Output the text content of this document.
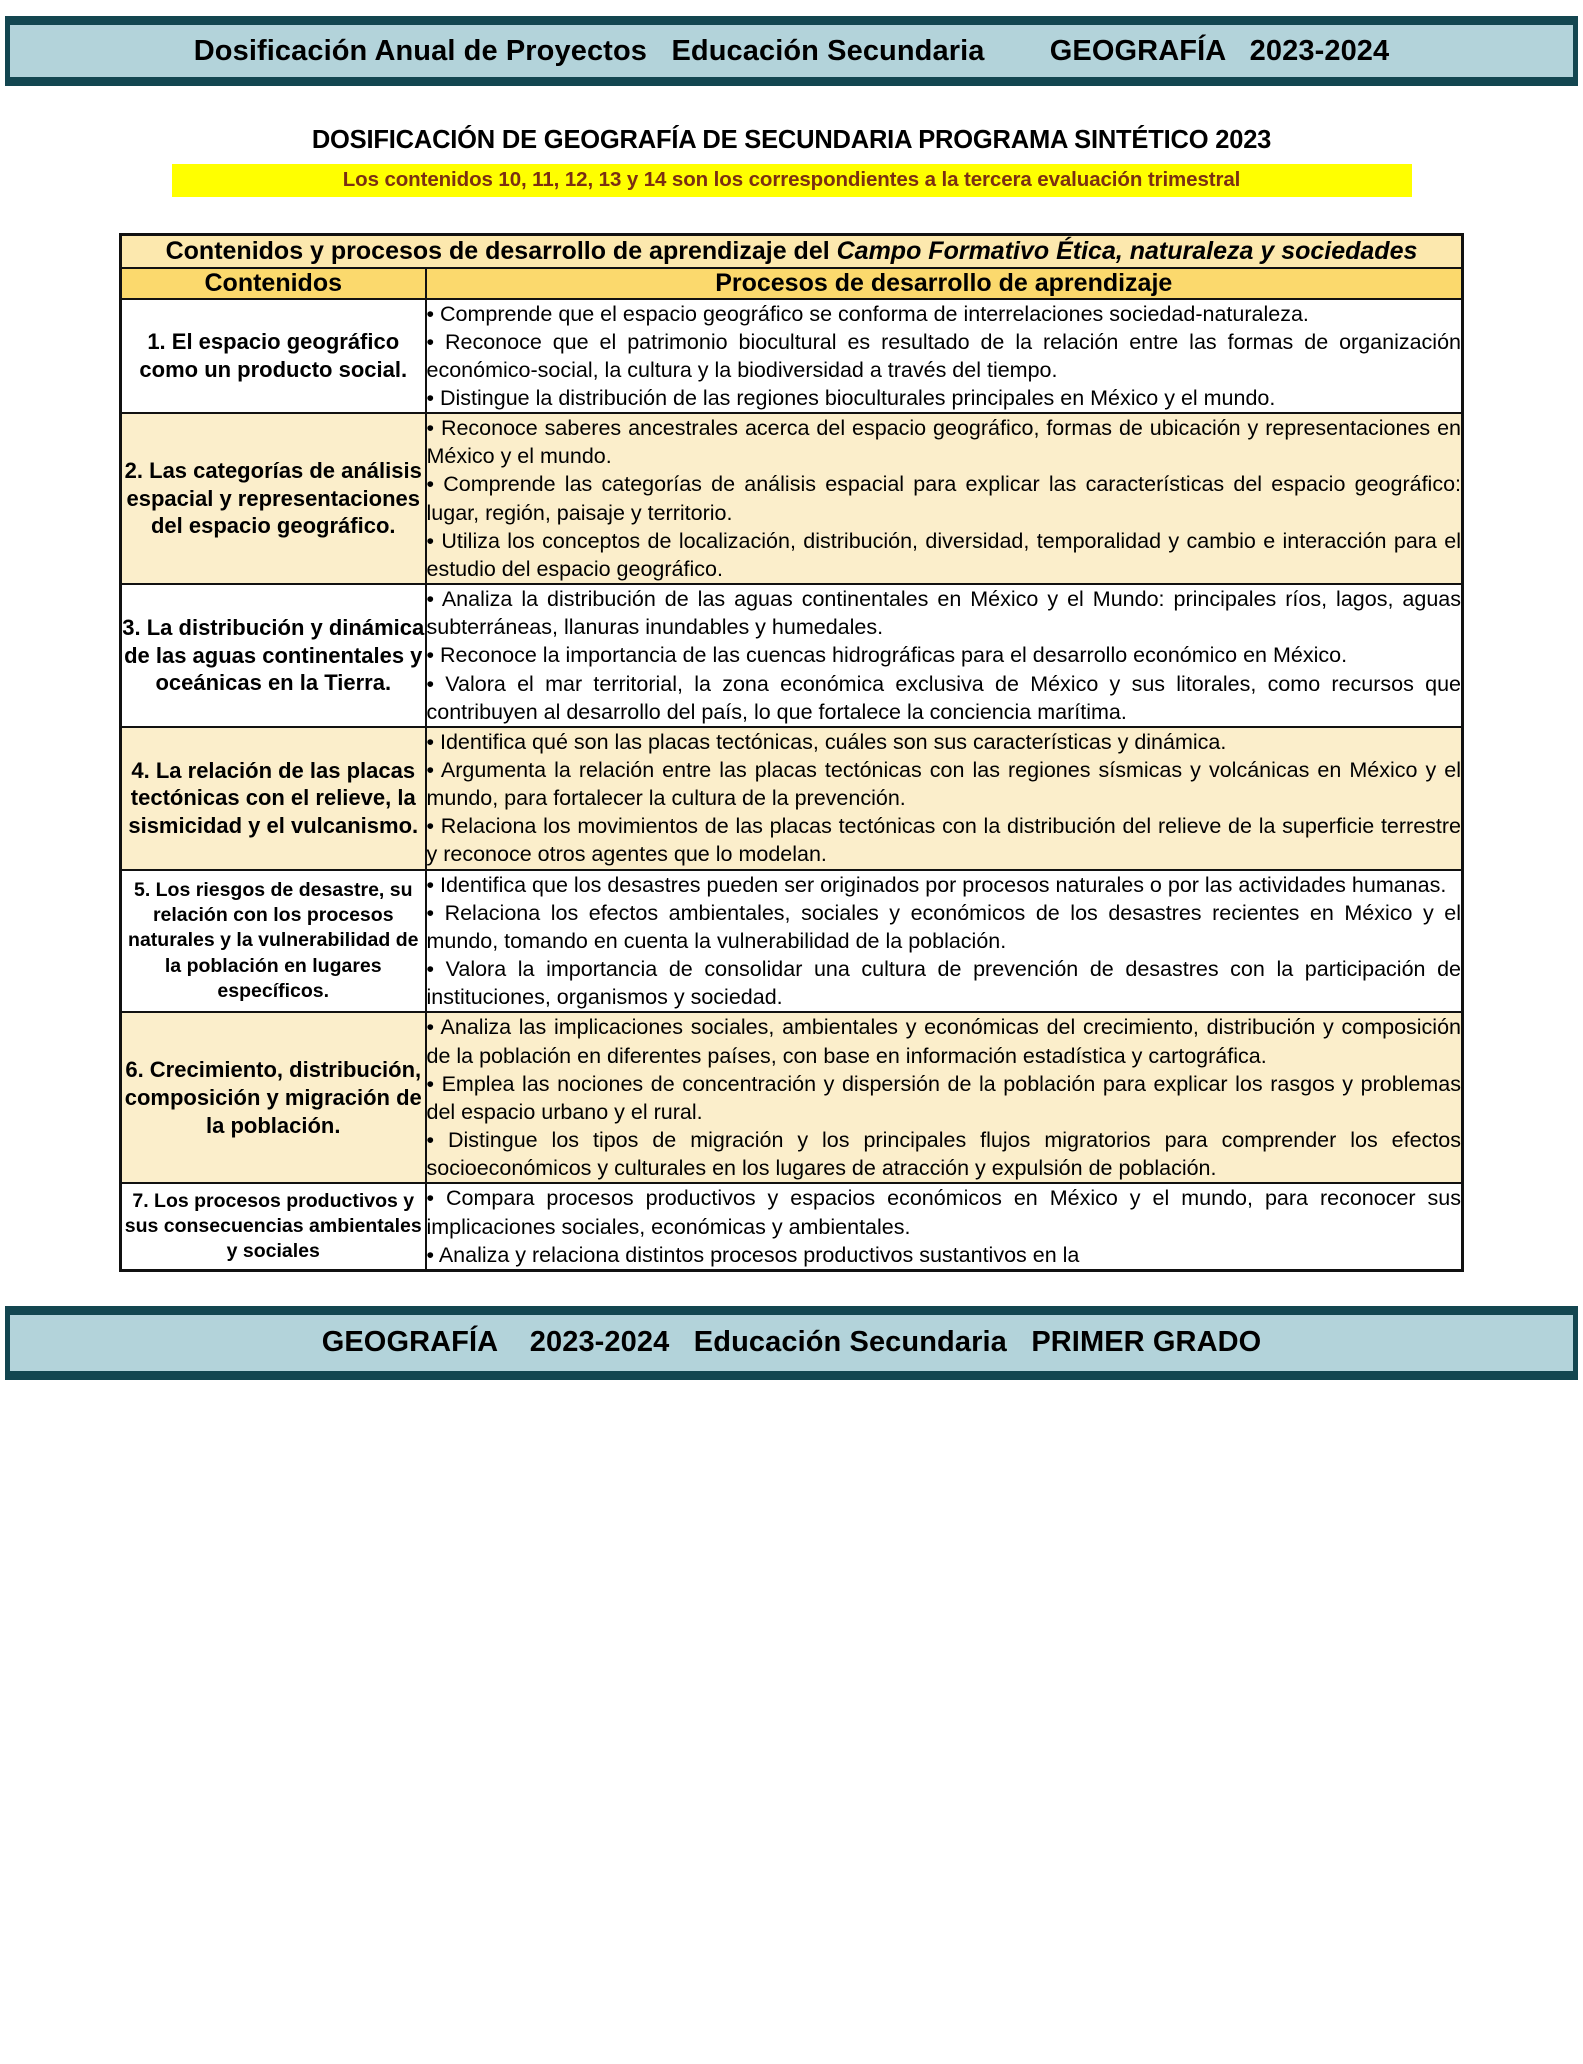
Dosificación Anual de Proyectos   Educación Secundaria        GEOGRAFÍA   2023-2024
DOSIFICACIÓN DE GEOGRAFÍA DE SECUNDARIA PROGRAMA SINTÉTICO 2023
Los contenidos 10, 11, 12, 13 y 14 son los correspondientes a la tercera evaluación trimestral
Contenidos y procesos de desarrollo de aprendizaje del Campo Formativo Ética, naturaleza y sociedades	
Contenidos	Procesos de desarrollo de aprendizaje
1. El espacio geográfico como un producto social.	• Comprende que el espacio geográfico se conforma de interrelaciones sociedad-naturaleza.

• Reconoce que el patrimonio biocultural es resultado de la relación entre las formas de organización económico-social, la cultura y la biodiversidad a través del tiempo.

• Distingue la distribución de las regiones bioculturales principales en México y el mundo.

2. Las categorías de análisis espacial y representaciones del espacio geográfico.	• Reconoce saberes ancestrales acerca del espacio geográfico, formas de ubicación y representaciones en México y el mundo.

• Comprende las categorías de análisis espacial para explicar las características del espacio geográfico: lugar, región, paisaje y territorio.

• Utiliza los conceptos de localización, distribución, diversidad, temporalidad y cambio e interacción para el estudio del espacio geográfico.

3. La distribución y dinámica de las aguas continentales y oceánicas en la Tierra.	• Analiza la distribución de las aguas continentales en México y el Mundo: principales ríos, lagos, aguas subterráneas, llanuras inundables y humedales.

• Reconoce la importancia de las cuencas hidrográficas para el desarrollo económico en México.

• Valora el mar territorial, la zona económica exclusiva de México y sus litorales, como recursos que contribuyen al desarrollo del país, lo que fortalece la conciencia marítima.

4. La relación de las placas tectónicas con el relieve, la sismicidad y el vulcanismo.	• Identifica qué son las placas tectónicas, cuáles son sus características y dinámica.

• Argumenta la relación entre las placas tectónicas con las regiones sísmicas y volcánicas en México y el mundo, para fortalecer la cultura de la prevención.

• Relaciona los movimientos de las placas tectónicas con la distribución del relieve de la superficie terrestre y reconoce otros agentes que lo modelan.

5. Los riesgos de desastre, su relación con los procesos naturales y la vulnerabilidad de la población en lugares específicos.	• Identifica que los desastres pueden ser originados por procesos naturales o por las actividades humanas.

• Relaciona los efectos ambientales, sociales y económicos de los desastres recientes en México y el mundo, tomando en cuenta la vulnerabilidad de la población.

• Valora la importancia de consolidar una cultura de prevención de desastres con la participación de instituciones, organismos y sociedad.

6. Crecimiento, distribución, composición y migración de la población.	• Analiza las implicaciones sociales, ambientales y económicas del crecimiento, distribución y composición de la población en diferentes países, con base en información estadística y cartográfica.

• Emplea las nociones de concentración y dispersión de la población para explicar los rasgos y problemas del espacio urbano y el rural.

• Distingue los tipos de migración y los principales flujos migratorios para comprender los efectos socioeconómicos y culturales en los lugares de atracción y expulsión de población.

7. Los procesos productivos y sus consecuencias ambientales y sociales	• Compara procesos productivos y espacios económicos en México y el mundo, para reconocer sus implicaciones sociales, económicas y ambientales.

• Analiza y relaciona distintos procesos productivos sustantivos en la

GEOGRAFÍA    2023-2024   Educación Secundaria   PRIMER GRADO
